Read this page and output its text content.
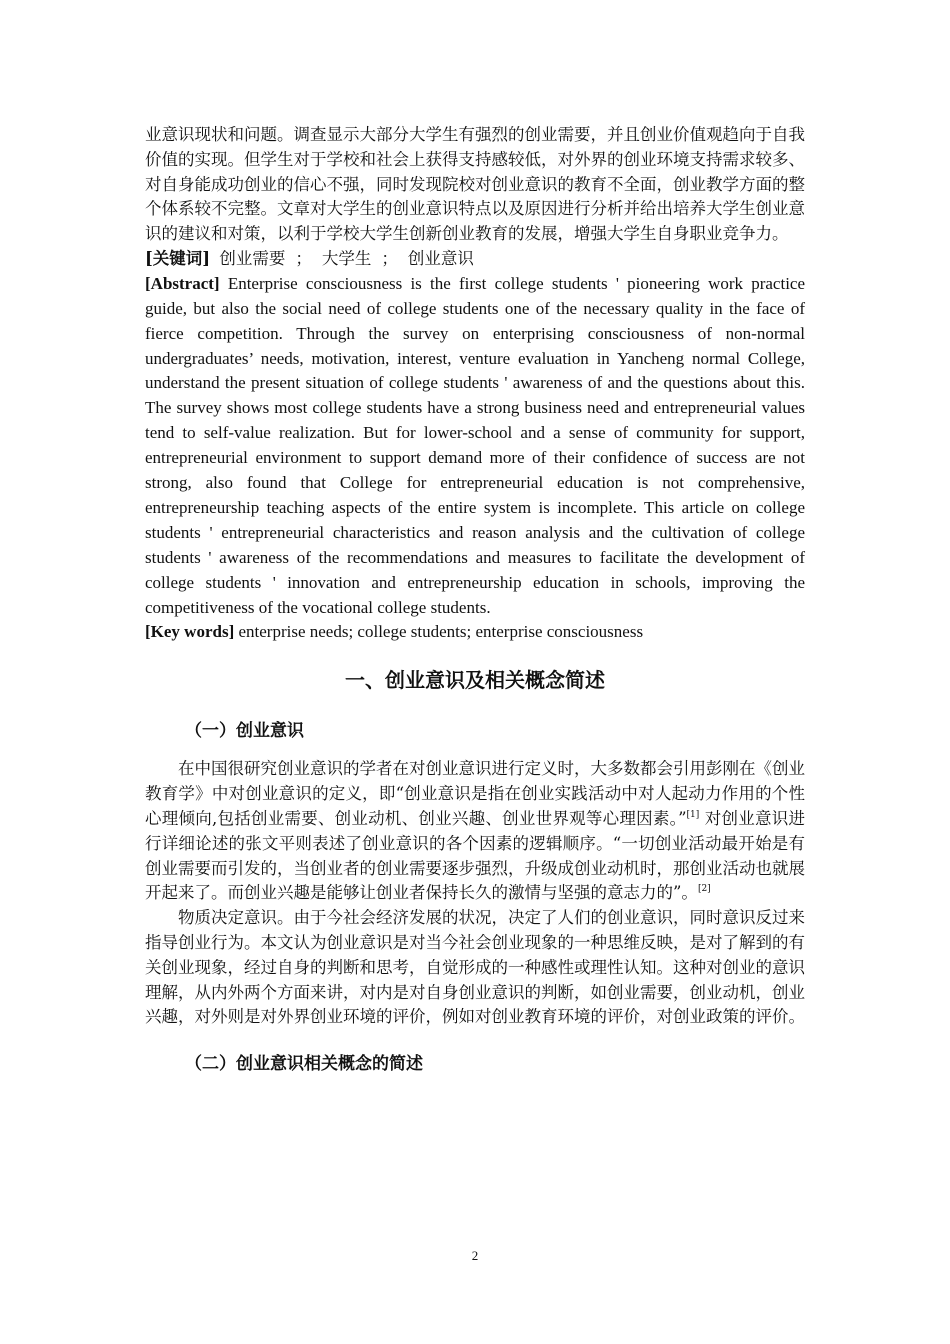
业意识现状和问题。调查显示大部分大学生有强烈的创业需要，并且创业价值观趋向于自我价值的实现。但学生对于学校和社会上获得支持感较低，对外界的创业环境支持需求较多、对自身能成功创业的信心不强，同时发现院校对创业意识的教育不全面，创业教学方面的整个体系较不完整。文章对大学生的创业意识特点以及原因进行分析并给出培养大学生创业意识的建议和对策，以利于学校大学生创新创业教育的发展，增强大学生自身职业竞争力。

[关键词] 创业需要 ； 大学生 ； 创业意识

[Abstract] Enterprise consciousness is the first college students ' pioneering work practice guide, but also the social need of college students one of the necessary quality in the face of fierce competition. Through the survey on enterprising consciousness of non-normal undergraduates’ needs, motivation, interest, venture evaluation in Yancheng normal College, understand the present situation of college students ' awareness of and the questions about this. The survey shows most college students have a strong business need and entrepreneurial values tend to self-value realization. But for lower-school and a sense of community for support, entrepreneurial environment to support demand more of their confidence of success are not strong, also found that College for entrepreneurial education is not comprehensive, entrepreneurship teaching aspects of the entire system is incomplete. This article on college students ' entrepreneurial characteristics and reason analysis and the cultivation of college students ' awareness of the recommendations and measures to facilitate the development of college students ' innovation and entrepreneurship education in schools, improving the competitiveness of the vocational college students.

[Key words] enterprise needs; college students; enterprise consciousness

一、创业意识及相关概念简述
（一）创业意识

在中国很研究创业意识的学者在对创业意识进行定义时，大多数都会引用彭刚在《创业教育学》中对创业意识的定义，即“创业意识是指在创业实践活动中对人起动力作用的个性心理倾向,包括创业需要、创业动机、创业兴趣、创业世界观等心理因素。”[1] 对创业意识进行详细论述的张文平则表述了创业意识的各个因素的逻辑顺序。“一切创业活动最开始是有创业需要而引发的，当创业者的创业需要逐步强烈，升级成创业动机时，那创业活动也就展开起来了。而创业兴趣是能够让创业者保持长久的激情与坚强的意志力的”。[2]

物质决定意识。由于今社会经济发展的状况，决定了人们的创业意识，同时意识反过来指导创业行为。本文认为创业意识是对当今社会创业现象的一种思维反映，是对了解到的有关创业现象，经过自身的判断和思考，自觉形成的一种感性或理性认知。这种对创业的意识理解，从内外两个方面来讲，对内是对自身创业意识的判断，如创业需要，创业动机，创业兴趣，对外则是对外界创业环境的评价，例如对创业教育环境的评价，对创业政策的评价。

（二）创业意识相关概念的简述
2
